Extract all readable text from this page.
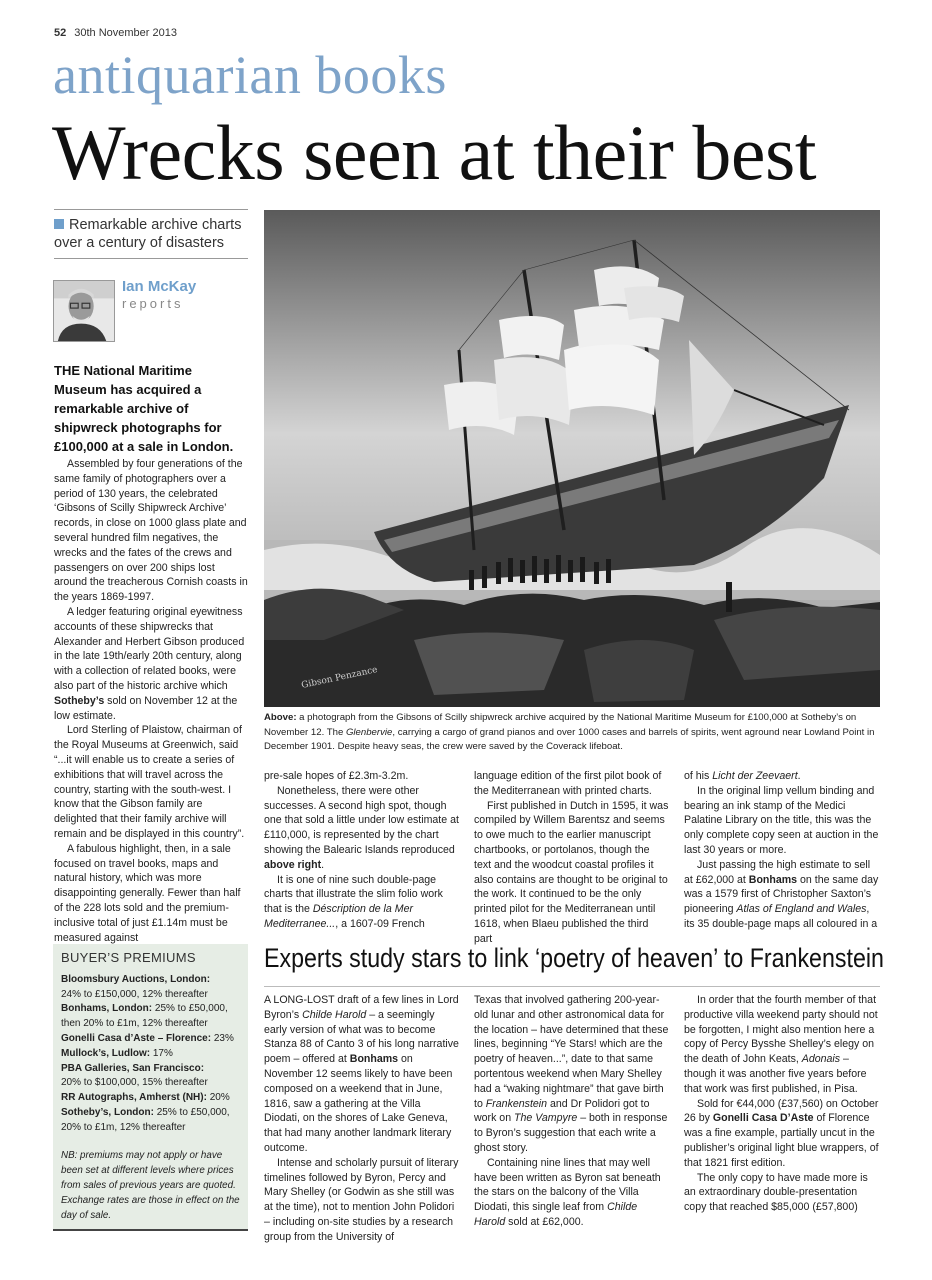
52 30th November 2013
antiquarian books
Wrecks seen at their best
Remarkable archive charts over a century of disasters
Ian McKay
reports
THE National Maritime Museum has acquired a remarkable archive of shipwreck photographs for £100,000 at a sale in London.

Assembled by four generations of the same family of photographers over a period of 130 years, the celebrated ‘Gibsons of Scilly Shipwreck Archive’ records, in close on 1000 glass plate and several hundred film negatives, the wrecks and the fates of the crews and passengers on over 200 ships lost around the treacherous Cornish coasts in the years 1869-1997.

A ledger featuring original eyewitness accounts of these shipwrecks that Alexander and Herbert Gibson produced in the late 19th/early 20th century, along with a collection of related books, were also part of the historic archive which Sotheby’s sold on November 12 at the low estimate.

Lord Sterling of Plaistow, chairman of the Royal Museums at Greenwich, said “...it will enable us to create a series of exhibitions that will travel across the country, starting with the south-west. I know that the Gibson family are delighted that their family archive will remain and be displayed in this country”.

A fabulous highlight, then, in a sale focused on travel books, maps and natural history, which was more disappointing generally. Fewer than half of the 228 lots sold and the premium-inclusive total of just £1.14m must be measured against

Gibson Penzance
Above: a photograph from the Gibsons of Scilly shipwreck archive acquired by the National Maritime Museum for £100,000 at Sotheby’s on November 12. The Glenbervie, carrying a cargo of grand pianos and over 1000 cases and barrels of spirits, went aground near Lowland Point in December 1901. Despite heavy seas, the crew were saved by the Coverack lifeboat.

pre-sale hopes of £2.3m-3.2m.

Nonetheless, there were other successes. A second high spot, though one that sold a little under low estimate at £110,000, is represented by the chart showing the Balearic Islands reproduced above right.

It is one of nine such double-page charts that illustrate the slim folio work that is the Déscription de la Mer Mediterranee..., a 1607-09 French

language edition of the first pilot book of the Mediterranean with printed charts.

First published in Dutch in 1595, it was compiled by Willem Barentsz and seems to owe much to the earlier manuscript chartbooks, or portolanos, though the text and the woodcut coastal profiles it also contains are thought to be original to the work. It continued to be the only printed pilot for the Mediterranean until 1618, when Blaeu published the third part

of his Licht der Zeevaert.

In the original limp vellum binding and bearing an ink stamp of the Medici Palatine Library on the title, this was the only complete copy seen at auction in the last 30 years or more.

Just passing the high estimate to sell at £62,000 at Bonhams on the same day was a 1579 first of Christopher Saxton’s pioneering Atlas of England and Wales, its 35 double-page maps all coloured in a

BUYER’S PREMIUMS
Bloomsbury Auctions, London:
24% to £150,000, 12% thereafter
Bonhams, London: 25% to £50,000, then 20% to £1m, 12% thereafter
Gonelli Casa d’Aste – Florence: 23%
Mullock’s, Ludlow: 17%
PBA Galleries, San Francisco:
20% to $100,000, 15% thereafter
RR Autographs, Amherst (NH): 20%
Sotheby’s, London: 25% to £50,000, 20% to £1m, 12% thereafter
NB: premiums may not apply or have been set at different levels where prices from sales of previous years are quoted. Exchange rates are those in effect on the day of sale.
Experts study stars to link ‘poetry of heaven’ to Frankenstein

A LONG-LOST draft of a few lines in Lord Byron’s Childe Harold – a seemingly early version of what was to become Stanza 88 of Canto 3 of his long narrative poem – offered at Bonhams on November 12 seems likely to have been composed on a weekend that in June, 1816, saw a gathering at the Villa Diodati, on the shores of Lake Geneva, that had many another landmark literary outcome.

Intense and scholarly pursuit of literary timelines followed by Byron, Percy and Mary Shelley (or Godwin as she still was at the time), not to mention John Polidori – including on-site studies by a research group from the University of

Texas that involved gathering 200-year-old lunar and other astronomical data for the location – have determined that these lines, beginning “Ye Stars! which are the poetry of heaven...”, date to that same portentous weekend when Mary Shelley had a “waking nightmare” that gave birth to Frankenstein and Dr Polidori got to work on The Vampyre – both in response to Byron’s suggestion that each write a ghost story.

Containing nine lines that may well have been written as Byron sat beneath the stars on the balcony of the Villa Diodati, this single leaf from Childe Harold sold at £62,000.

In order that the fourth member of that productive villa weekend party should not be forgotten, I might also mention here a copy of Percy Bysshe Shelley’s elegy on the death of John Keats, Adonais – though it was another five years before that work was first published, in Pisa.

Sold for €44,000 (£37,560) on October 26 by Gonelli Casa D’Aste of Florence was a fine example, partially uncut in the publisher’s original light blue wrappers, of that 1821 first edition.

The only copy to have made more is an extraordinary double-presentation copy that reached $85,000 (£57,800)
